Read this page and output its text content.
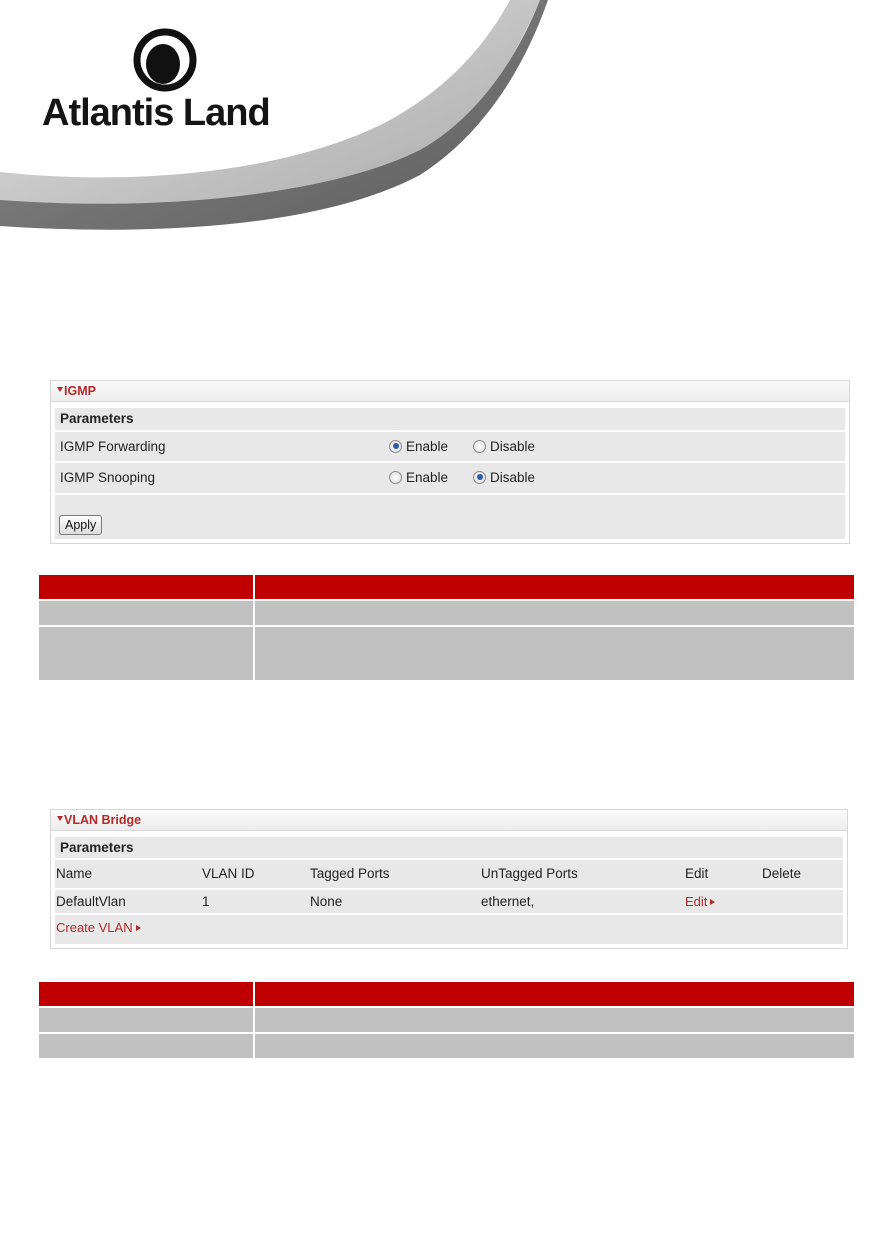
Atlantis Land
IGMP
Parameters
IGMP Forwarding	Enable	Disable
IGMP Snooping	Enable	Disable
Apply
VLAN Bridge
Parameters
Name	VLAN ID	Tagged Ports	UnTagged Ports	Edit	Delete
DefaultVlan	1	None	ethernet,	Edit
Create VLAN
